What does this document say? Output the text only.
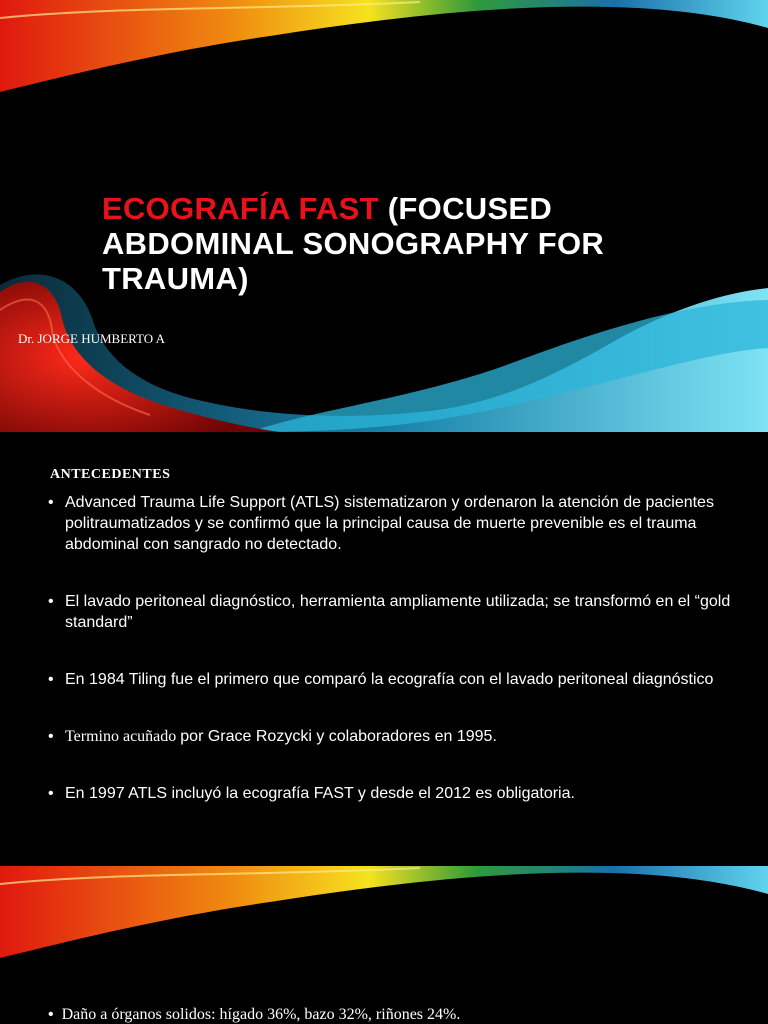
ECOGRAFÍA FAST (FOCUSED ABDOMINAL SONOGRAPHY FOR TRAUMA)

Dr. JORGE HUMBERTO A

ANTECEDENTES
• Advanced Trauma Life Support (ATLS) sistematizaron y ordenaron la atención de pacientes politraumatizados y se confirmó que la principal causa de muerte prevenible es el trauma abdominal con sangrado no detectado.
• El lavado peritoneal diagnóstico, herramienta ampliamente utilizada; se transformó en el “gold standard”
• En 1984 Tiling fue el primero que comparó la ecografía con el lavado peritoneal diagnóstico
• Termino acuñado por Grace Rozycki y colaboradores en 1995.
• En 1997 ATLS incluyó la ecografía FAST y desde el 2012 es obligatoria.

• Daño a órganos solidos: hígado 36%, bazo 32%, riñones 24%.
